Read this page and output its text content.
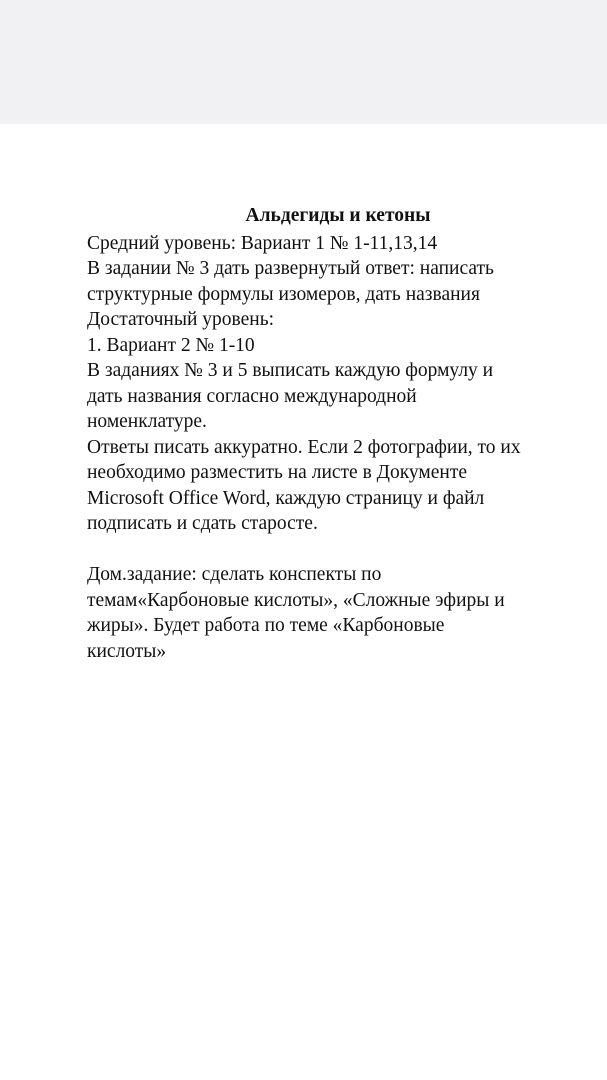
Альдегиды и кетоны

Средний уровень: Вариант 1 № 1-11,13,14

В задании № 3 дать развернутый ответ: написать

структурные формулы изомеров, дать названия

Достаточный уровень:

1. Вариант 2 № 1-10

В заданиях № 3 и 5 выписать каждую формулу и

дать названия согласно международной

номенклатуре.

Ответы писать аккуратно. Если 2 фотографии, то их

необходимо разместить на листе в Документе

Microsoft Office Word, каждую страницу и файл

подписать и сдать старосте.

Дом.задание: сделать конспекты по

темам«Карбоновые кислоты», «Сложные эфиры и

жиры». Будет работа по теме «Карбоновые

кислоты»
